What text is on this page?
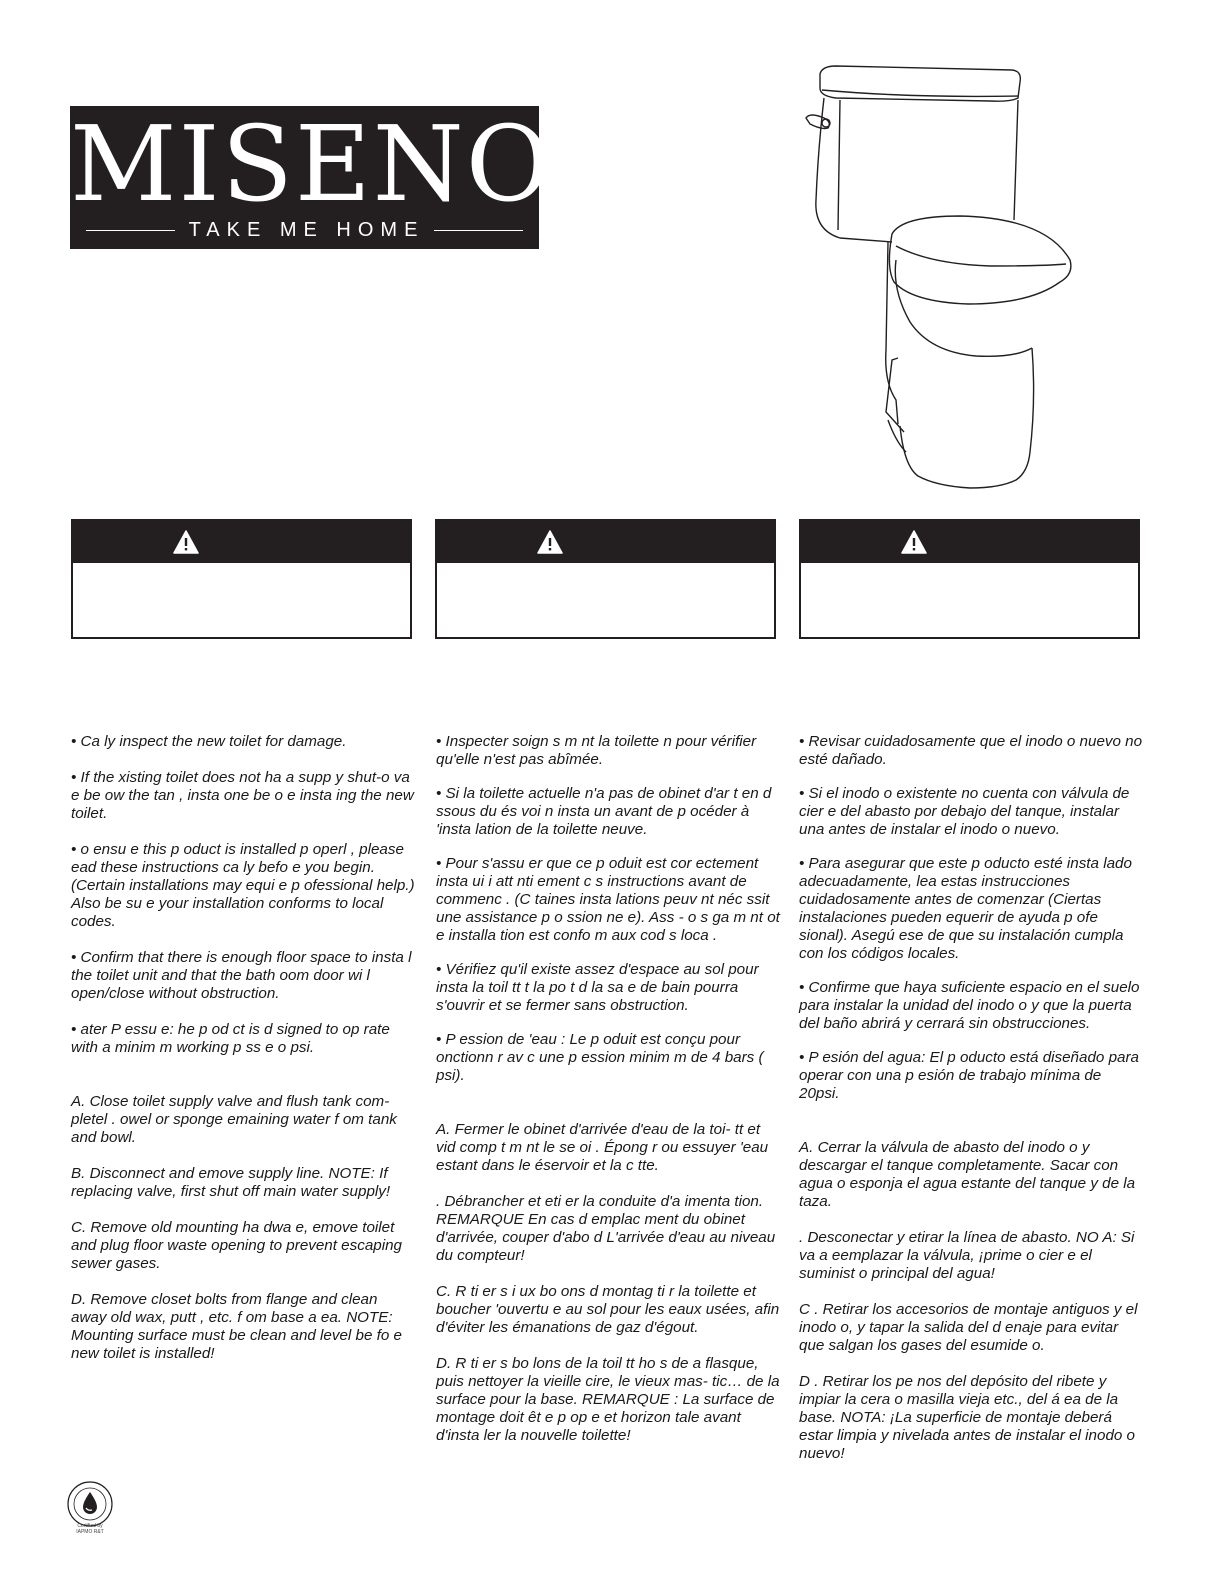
MISENO
TAKE ME HOME

• Ca ly inspect the new toilet for damage.

• If the xisting toilet does not ha a supp y shut-o va e be ow the tan , insta one be o e insta ing the new toilet.

• o ensu e this p oduct is installed p operl , please ead these instructions ca ly befo e you begin. (Certain installations may equi e p ofessional help.) Also be su e your installation conforms to local codes.

• Confirm that there is enough floor space to insta l the toilet unit and that the bath oom door wi l open/close without obstruction.

• ater P essu e: he p od ct is d signed to op rate with a minim m working p ss e o psi.

A. Close toilet supply valve and flush tank com- pletel . owel or sponge emaining water f om tank and bowl.

B. Disconnect and emove supply line. NOTE: If replacing valve, first shut off main water supply!

C. Remove old mounting ha dwa e, emove toilet and plug floor waste opening to prevent escaping sewer gases.

D. Remove closet bolts from flange and clean away old wax, putt , etc. f om base a ea. NOTE: Mounting surface must be clean and level be fo e new toilet is installed!

• Inspecter soign s m nt la toilette n pour vérifier qu'elle n'est pas abîmée.

• Si la toilette actuelle n'a pas de obinet d'ar t en d ssous du és voi n insta un avant de p océder à 'insta lation de la toilette neuve.

• Pour s'assu er que ce p oduit est cor ectement insta ui i att nti ement c s instructions avant de commenc . (C taines insta lations peuv nt néc ssit une assistance p o ssion ne e). Ass - o s ga m nt ot e installa tion est confo m aux cod s loca .

• Vérifiez qu'il existe assez d'espace au sol pour insta la toil tt t la po t d la sa e de bain pourra s'ouvrir et se fermer sans obstruction.

• P ession de 'eau : Le p oduit est conçu pour onctionn r av c une p ession minim m de 4 bars ( psi).

A. Fermer le obinet d'arrivée d'eau de la toi- tt et vid comp t m nt le se oi . Épong r ou essuyer 'eau estant dans le éservoir et la c tte.

. Débrancher et eti er la conduite d'a imenta tion. REMARQUE En cas d emplac ment du obinet d'arrivée, couper d'abo d L'arrivée d'eau au niveau du compteur!

C. R ti er s i ux bo ons d montag ti r la toilette et boucher 'ouvertu e au sol pour les eaux usées, afin d'éviter les émanations de gaz d'égout.

D. R ti er s bo lons de la toil tt ho s de a flasque, puis nettoyer la vieille cire, le vieux mas- tic… de la surface pour la base. REMARQUE : La surface de montage doit êt e p op e et horizon tale avant d'insta ler la nouvelle toilette!

• Revisar cuidadosamente que el inodo o nuevo no esté dañado.

• Si el inodo o existente no cuenta con válvula de cier e del abasto por debajo del tanque, instalar una antes de instalar el inodo o nuevo.

• Para asegurar que este p oducto esté insta lado adecuadamente, lea estas instrucciones cuidadosamente antes de comenzar (Ciertas instalaciones pueden equerir de ayuda p ofe sional). Asegú ese de que su instalación cumpla con los códigos locales.

• Confirme que haya suficiente espacio en el suelo para instalar la unidad del inodo o y que la puerta del baño abrirá y cerrará sin obstrucciones.

• P esión del agua: El p oducto está diseñado para operar con una p esión de trabajo mínima de 20psi.

A. Cerrar la válvula de abasto del inodo o y descargar el tanque completamente. Sacar con agua o esponja el agua estante del tanque y de la taza.

. Desconectar y etirar la línea de abasto. NO A: Si va a eemplazar la válvula, ¡prime o cier e el suminist o principal del agua!

C . Retirar los accesorios de montaje antiguos y el inodo o, y tapar la salida del d enaje para evitar que salgan los gases del esumide o.

D . Retirar los pe nos del depósito del ribete y impiar la cera o masilla vieja etc., del á ea de la base. NOTA: ¡La superficie de montaje deberá estar limpia y nivelada antes de instalar el inodo o nuevo!

Certified by IAPMO R&T
